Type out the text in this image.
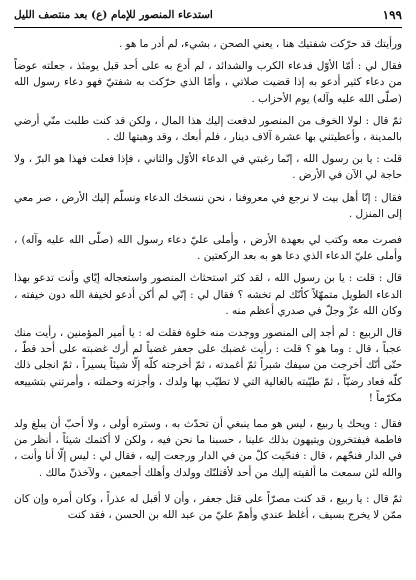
١٩٩
استدعاء المنصور للإمام (ع) بعد منتصف الليل

ورأيتك قد حرّكت شفتيك هنا ، يعني الصحن ، بشيء، لم أدر ما هو .

فقال لي : أمّا الأوّل فدعاء الكرب والشدائد ، لم أدع به على أحد قبل يومئذ ، جعلته عوضاً من دعاء كثير أدعو به إذا قضيت صلاتي ، وأمّا الذي حرّكت به شفتيّ فهو دعاء رسول الله (صلّى الله عليه وآله) يوم الأحزاب .

ثمّ قال : لولا الخوف من المنصور لدفعت إليك هذا المال ، ولكن قد كنت طلبت منّي أرضي بالمدينة ، وأعطيتني بها عشرة آلاف دينار ، فلم أبعك ، وقد وهبتها لك .

قلت : يا بن رسول الله ، إنّما رغبتي في الدعاء الأوّل والثاني ، فإذا فعلت فهذا هو البرّ ، ولا حاجة لي الآن في الأرض .

فقال : إنّا أهل بيت لا نرجع في معروفنا ، نحن ننسخك الدعاء ونسلّم إليك الأرض ، صر معي إلى المنزل .

فصرت معه وكتب لي بعهدة الأرض ، وأملى عليّ دعاء رسول الله (صلّى الله عليه وآله) ، وأملى عليّ الدعاء الذي دعا هو به بعد الركعتين .

قال : قلت : يا بن رسول الله ، لقد كثر استحثاث المنصور واستعجاله إيّاي وأنت تدعو بهذا الدعاء الطويل متمهّلاً كأنّك لم تخشه ؟ فقال لي : إنّي لم أكن أدعو لخيفة الله دون خيفته ، وكان الله عزّ وجلّ في صدري أعظم منه .

قال الربيع : لم أجد إلى المنصور ووجدت منه خلوة فقلت له : يا أمير المؤمنين ، رأيت منك عجباً ، قال : وما هو ؟ قلت : رأيت غضبك على جعفر غضباً لم أرك غضبته على أحد قطّ ، حتّى أنّك أخرجت من سيفك شبراً ثمّ أغمدته ، ثمّ أخرجته كلّه إلّا شيئاً يسيراً ، ثمّ انجلى ذلك كلّه فعاد رضيّاً ، ثمّ طيّبته بالغالية التي لا تطيّب بها ولدك ، وأجزته وحملته ، وأمرتني بتشييعه مكرّماً !

فقال : ويحك يا ربيع ، ليس هو مما ينبغي أن تحدّث به ، وستره أولى ، ولا أحبّ أن يبلغ ولد فاطمة فيفتخرون ويتيهون بذلك علينا ، حسبنا ما نحن فيه ، ولكن لا أكتمك شيئاً ، أنظر من في الدار فنحّهم ، قال : فنحّيت كلّ من في الدار ورجعت إليه ، فقال لي : ليس إلّا أنا وأنت ، والله لئن سمعت ما ألقيته إليك من أحد لأقتلنّك وولدك وأهلك أجمعين ، ولآخذنّ مالك .

ثمّ قال : يا ربيع ، قد كنت مصرّاً على قتل جعفر ، وأن لا أقبل له عذراً ، وكان أمره وإن كان ممّن لا يخرج بسيف ، أغلظ عندي وأهمّ عليّ من عبد الله بن الحسن ، فقد كنت
